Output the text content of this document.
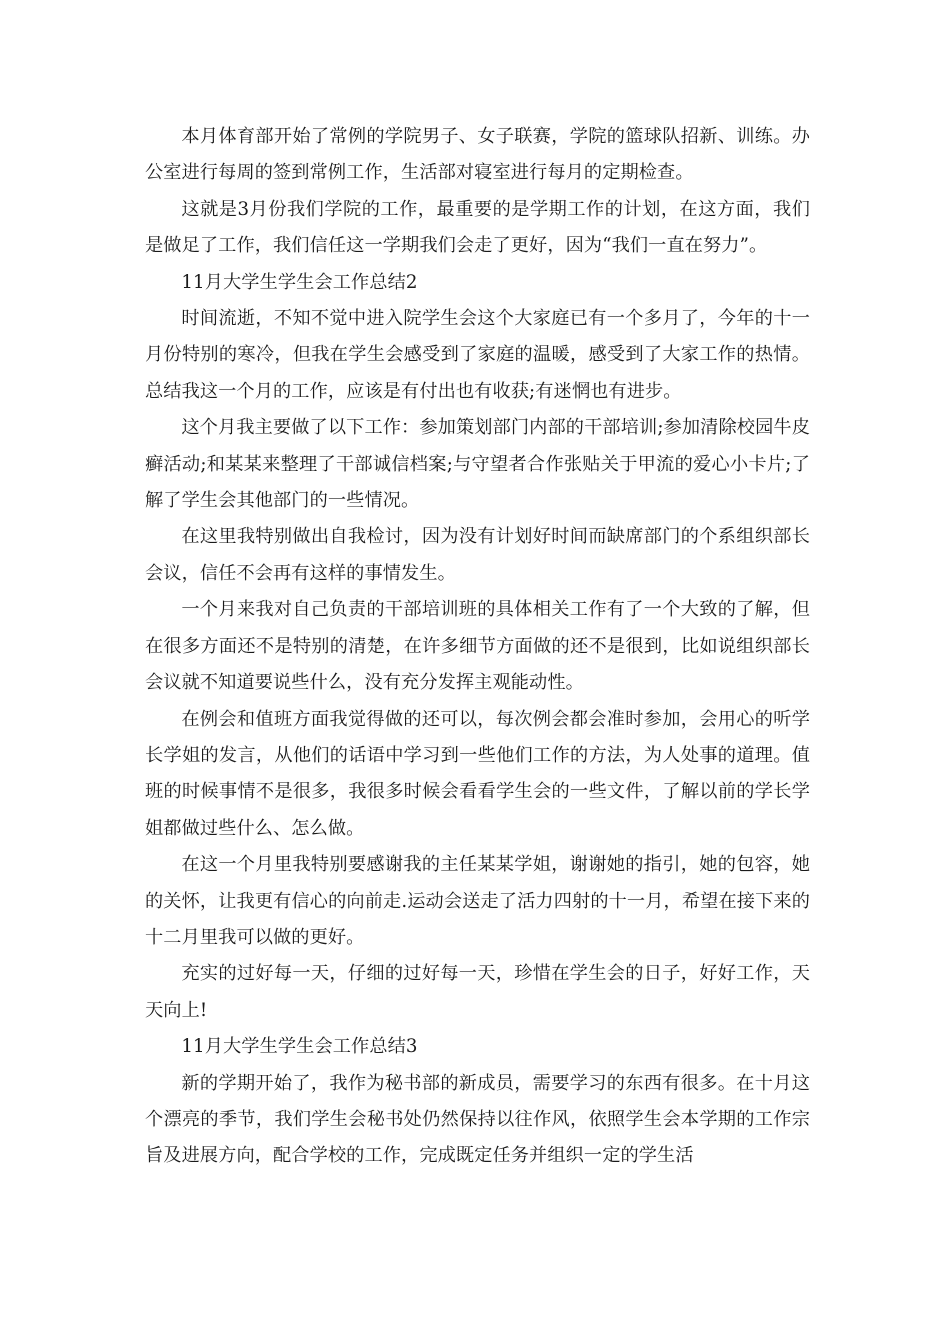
本月体育部开始了常例的学院男子、女子联赛，学院的篮球队招新、训练。办公室进行每周的签到常例工作，生活部对寝室进行每月的定期检查。

这就是3月份我们学院的工作，最重要的是学期工作的计划，在这方面，我们是做足了工作，我们信任这一学期我们会走了更好，因为“我们一直在努力”。

11月大学生学生会工作总结2

时间流逝，不知不觉中进入院学生会这个大家庭已有一个多月了，今年的十一月份特别的寒冷，但我在学生会感受到了家庭的温暖，感受到了大家工作的热情。总结我这一个月的工作，应该是有付出也有收获;有迷惘也有进步。

这个月我主要做了以下工作：参加策划部门内部的干部培训;参加清除校园牛皮癣活动;和某某来整理了干部诚信档案;与守望者合作张贴关于甲流的爱心小卡片;了解了学生会其他部门的一些情况。

在这里我特别做出自我检讨，因为没有计划好时间而缺席部门的个系组织部长会议，信任不会再有这样的事情发生。

一个月来我对自己负责的干部培训班的具体相关工作有了一个大致的了解，但在很多方面还不是特别的清楚，在许多细节方面做的还不是很到，比如说组织部长会议就不知道要说些什么，没有充分发挥主观能动性。

在例会和值班方面我觉得做的还可以，每次例会都会准时参加，会用心的听学长学姐的发言，从他们的话语中学习到一些他们工作的方法，为人处事的道理。值班的时候事情不是很多，我很多时候会看看学生会的一些文件，了解以前的学长学姐都做过些什么、怎么做。

在这一个月里我特别要感谢我的主任某某学姐，谢谢她的指引，她的包容，她的关怀，让我更有信心的向前走.运动会送走了活力四射的十一月，希望在接下来的十二月里我可以做的更好。

充实的过好每一天，仔细的过好每一天，珍惜在学生会的日子，好好工作，天天向上!

11月大学生学生会工作总结3

新的学期开始了，我作为秘书部的新成员，需要学习的东西有很多。在十月这个漂亮的季节，我们学生会秘书处仍然保持以往作风，依照学生会本学期的工作宗旨及进展方向，配合学校的工作，完成既定任务并组织一定的学生活
